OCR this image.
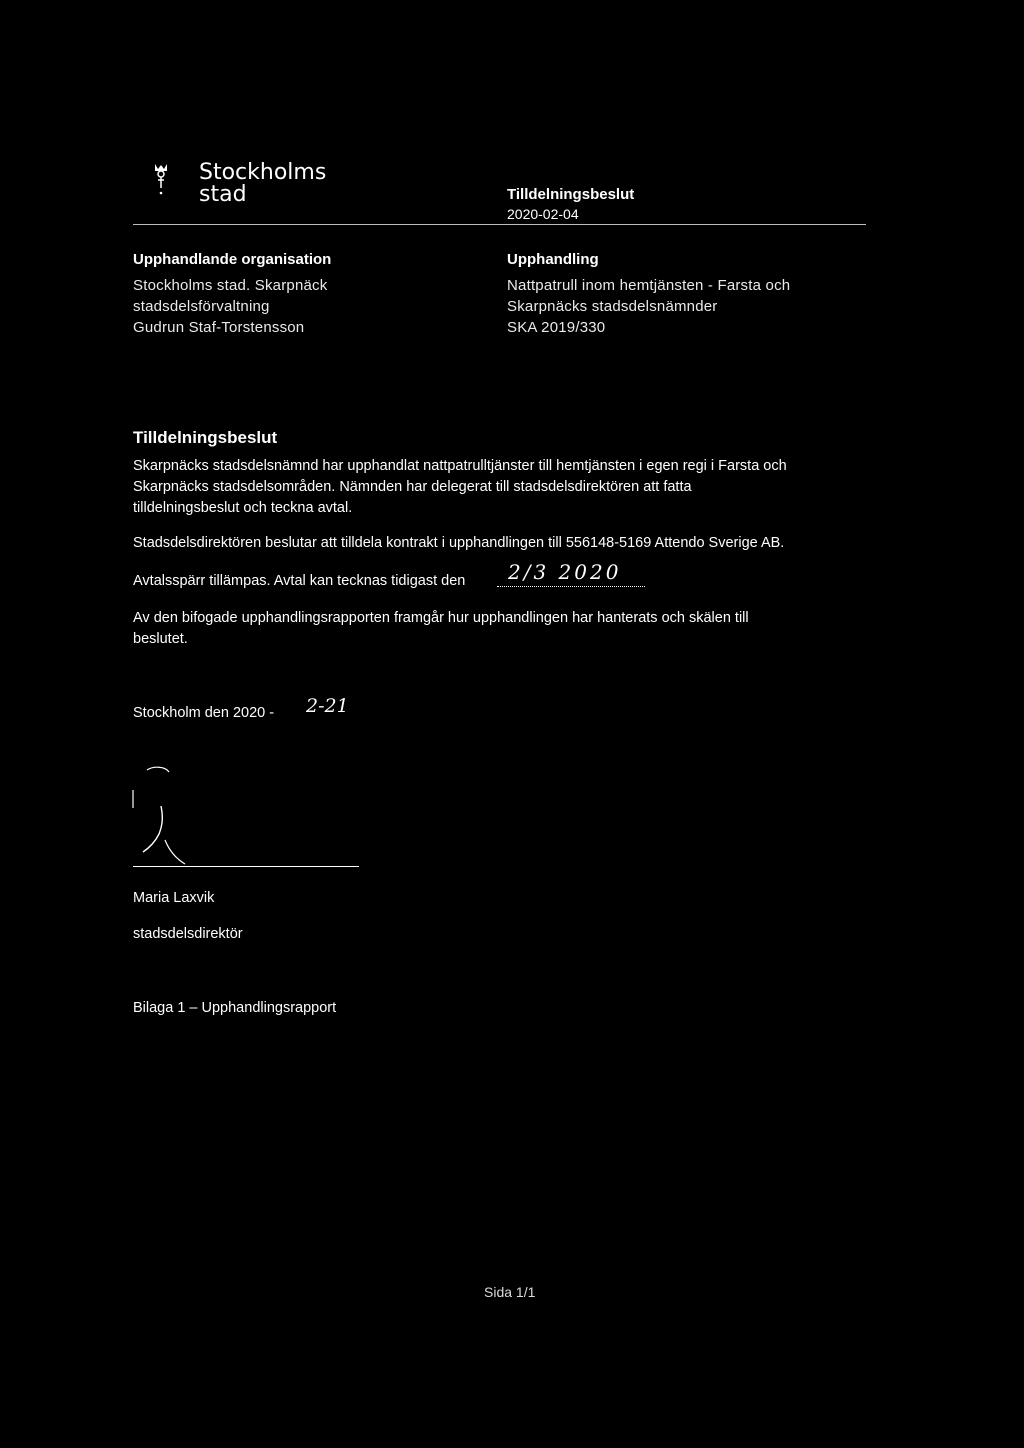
Stockholms
stad	Tilldelningsbeslut
2020-02-04
Upphandlande organisation
Stockholms stad. Skarpnäck
stadsdelsförvaltning
Gudrun Staf-Torstensson
Upphandling
Nattpatrull inom hemtjänsten - Farsta och
Skarpnäcks stadsdelsnämnder
SKA 2019/330
Tilldelningsbeslut
Skarpnäcks stadsdelsnämnd har upphandlat nattpatrulltjänster till hemtjänsten i egen regi i Farsta och
Skarpnäcks stadsdelsområden. Nämnden har delegerat till stadsdelsdirektören att fatta
tilldelningsbeslut och teckna avtal.
Stadsdelsdirektören beslutar att tilldela kontrakt i upphandlingen till 556148-5169 Attendo Sverige AB.
Avtalsspärr tillämpas. Avtal kan tecknas tidigast den 2/3 2020
Av den bifogade upphandlingsrapporten framgår hur upphandlingen har hanterats och skälen till
beslutet.
Stockholm den 2020 - 2-21
Maria Laxvik
stadsdelsdirektör
Bilaga 1 – Upphandlingsrapport
Sida 1/1
